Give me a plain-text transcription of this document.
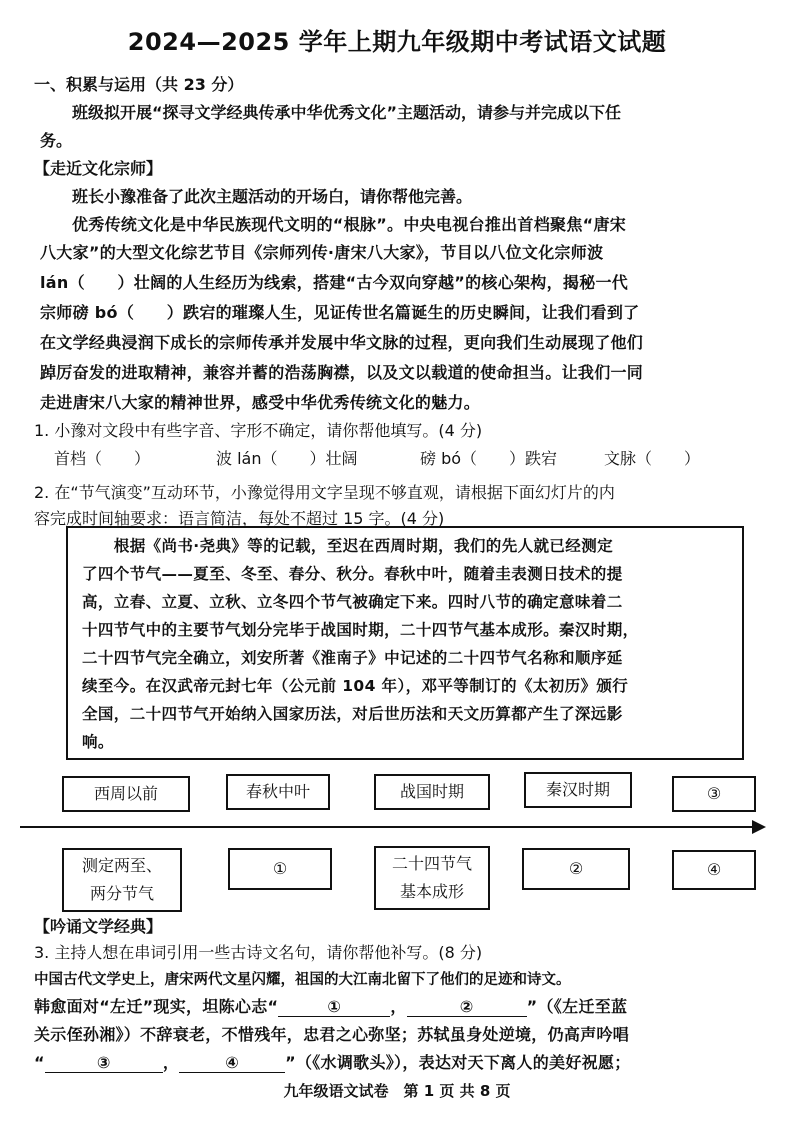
2024—2025 学年上期九年级期中考试语文试题
一、积累与运用（共 23 分）
班级拟开展“探寻文学经典传承中华优秀文化”主题活动，请参与并完成以下任
务。
【走近文化宗师】
班长小豫准备了此次主题活动的开场白，请你帮他完善。
优秀传统文化是中华民族现代文明的“根脉”。中央电视台推出首档聚焦“唐宋
八大家”的大型文化综艺节目《宗师列传·唐宋八大家》，节目以八位文化宗师波
lán（　　）壮阔的人生经历为线索，搭建“古今双向穿越”的核心架构，揭秘一代
宗师磅 bó（　　）跌宕的璀璨人生，见证传世名篇诞生的历史瞬间，让我们看到了
在文学经典浸润下成长的宗师传承并发展中华文脉的过程，更向我们生动展现了他们
踔厉奋发的进取精神，兼容并蓄的浩荡胸襟，以及文以载道的使命担当。让我们一同
走进唐宋八大家的精神世界，感受中华优秀传统文化的魅力。
1. 小豫对文段中有些字音、字形不确定，请你帮他填写。(4 分)
首档（　　）	波 lán（　　）壮阔	磅 bó（　　）跌宕	文脉（　　）
2. 在“节气演变”互动环节，小豫觉得用文字呈现不够直观，请根据下面幻灯片的内
容完成时间轴要求：语言简洁，每处不超过 15 字。(4 分)
　　根据《尚书·尧典》等的记载，至迟在西周时期，我们的先人就已经测定
了四个节气——夏至、冬至、春分、秋分。春秋中叶，随着圭表测日技术的提
高，立春、立夏、立秋、立冬四个节气被确定下来。四时八节的确定意味着二
十四节气中的主要节气划分完毕于战国时期，二十四节气基本成形。秦汉时期，
二十四节气完全确立，刘安所著《淮南子》中记述的二十四节气名称和顺序延
续至今。在汉武帝元封七年（公元前 104 年），邓平等制订的《太初历》颁行
全国，二十四节气开始纳入国家历法，对后世历法和天文历算都产生了深远影
响。
西周以前	春秋中叶	战国时期	秦汉时期	③
测定两至、
两分节气
①	二十四节气
基本成形
②	④
【吟诵文学经典】
3. 主持人想在串词引用一些古诗文名句，请你帮他补写。(8 分)
中国古代文学史上，唐宋两代文星闪耀，祖国的大江南北留下了他们的足迹和诗文。
韩愈面对“左迁”现实，坦陈心志“	①	，	②	”（《左迁至蓝
关示侄孙湘》）不辞衰老，不惜残年，忠君之心弥坚；苏轼虽身处逆境，仍高声吟唱
“	③	，	④	”（《水调歌头》），表达对天下离人的美好祝愿；
九年级语文试卷　第 1 页 共 8 页
